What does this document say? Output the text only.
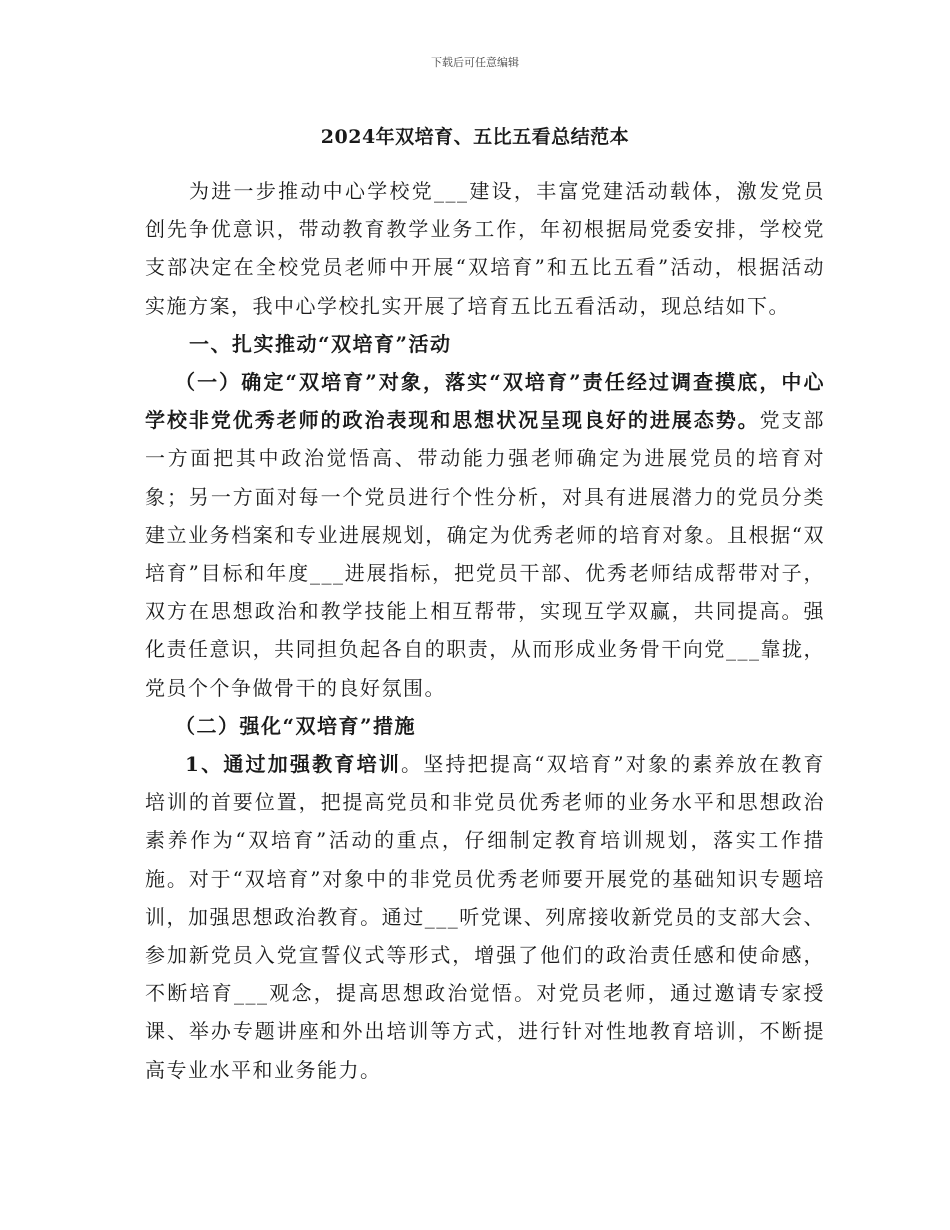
下载后可任意编辑
2024年双培育、五比五看总结范本

为进一步推动中心学校党___建设，丰富党建活动载体，激发党员创先争优意识，带动教育教学业务工作，年初根据局党委安排，学校党支部决定在全校党员老师中开展“双培育”和五比五看”活动，根据活动实施方案，我中心学校扎实开展了培育五比五看活动，现总结如下。

一、扎实推动“双培育”活动

（一）确定“双培育”对象，落实“双培育”责任经过调查摸底，中心学校非党优秀老师的政治表现和思想状况呈现良好的进展态势。党支部一方面把其中政治觉悟高、带动能力强老师确定为进展党员的培育对象；另一方面对每一个党员进行个性分析，对具有进展潜力的党员分类建立业务档案和专业进展规划，确定为优秀老师的培育对象。且根据“双培育”目标和年度___进展指标，把党员干部、优秀老师结成帮带对子，双方在思想政治和教学技能上相互帮带，实现互学双赢，共同提高。强化责任意识，共同担负起各自的职责，从而形成业务骨干向党___靠拢，党员个个争做骨干的良好氛围。

（二）强化“双培育”措施

1、通过加强教育培训。坚持把提高“双培育”对象的素养放在教育培训的首要位置，把提高党员和非党员优秀老师的业务水平和思想政治素养作为“双培育”活动的重点，仔细制定教育培训规划，落实工作措施。对于“双培育”对象中的非党员优秀老师要开展党的基础知识专题培训，加强思想政治教育。通过___听党课、列席接收新党员的支部大会、参加新党员入党宣誓仪式等形式，增强了他们的政治责任感和使命感，不断培育___观念，提高思想政治觉悟。对党员老师，通过邀请专家授课、举办专题讲座和外出培训等方式，进行针对性地教育培训，不断提高专业水平和业务能力。
